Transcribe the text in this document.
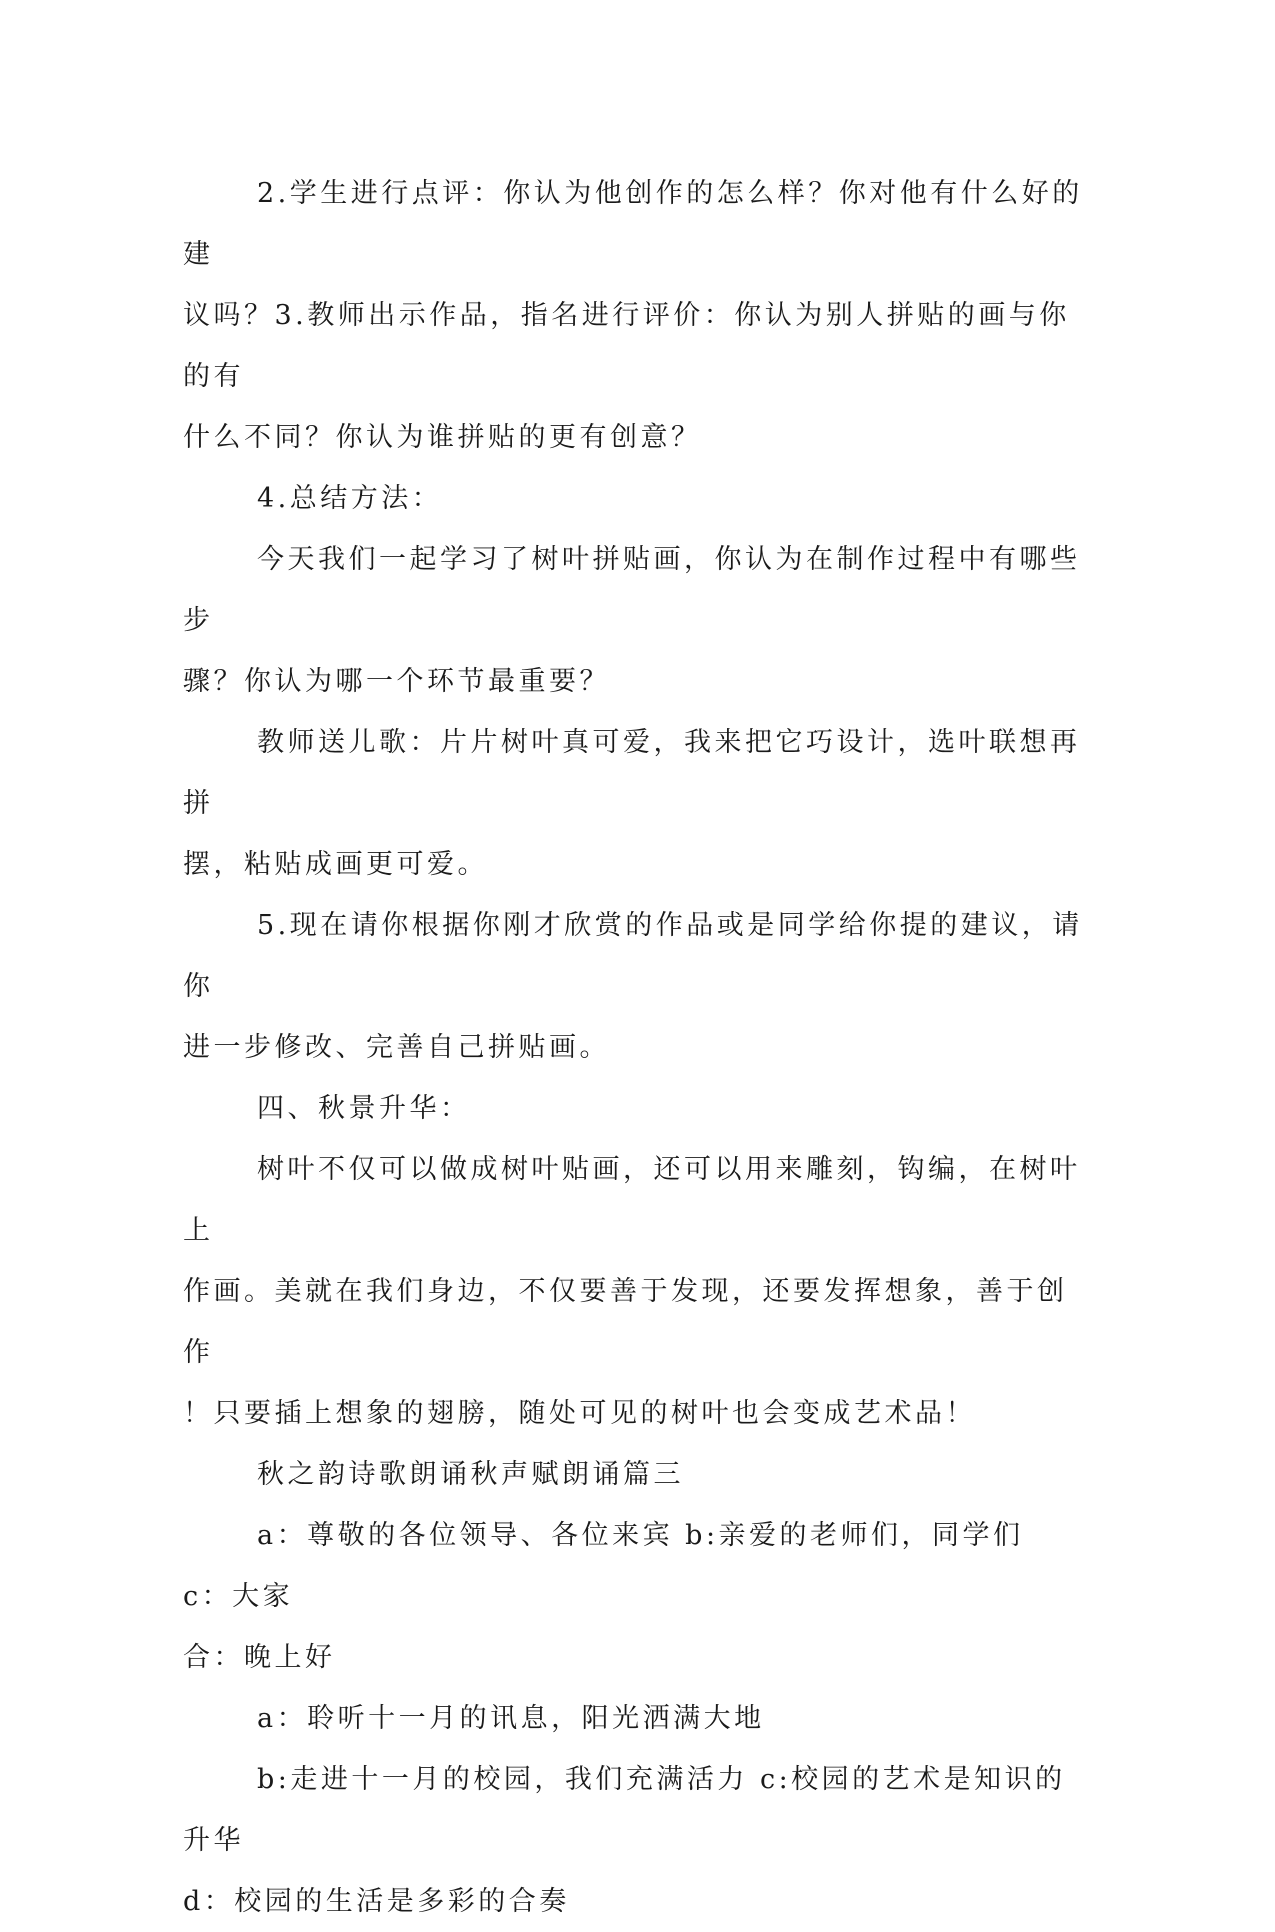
2.学生进行点评：你认为他创作的怎么样？你对他有什么好的建
议吗？3.教师出示作品，指名进行评价：你认为别人拼贴的画与你的有
什么不同？你认为谁拼贴的更有创意？

4.总结方法：

今天我们一起学习了树叶拼贴画，你认为在制作过程中有哪些步
骤？你认为哪一个环节最重要？

教师送儿歌：片片树叶真可爱，我来把它巧设计，选叶联想再拼
摆，粘贴成画更可爱。

5.现在请你根据你刚才欣赏的作品或是同学给你提的建议，请你
进一步修改、完善自己拼贴画。

四、秋景升华：

树叶不仅可以做成树叶贴画，还可以用来雕刻，钩编，在树叶上
作画。美就在我们身边，不仅要善于发现，还要发挥想象，善于创作
！只要插上想象的翅膀，随处可见的树叶也会变成艺术品！

秋之韵诗歌朗诵秋声赋朗诵篇三

a：尊敬的各位领导、各位来宾 b:亲爱的老师们，同学们 c：大家
合：晚上好

a：聆听十一月的讯息，阳光洒满大地

b:走进十一月的校园，我们充满活力 c:校园的艺术是知识的升华
d：校园的生活是多彩的合奏
